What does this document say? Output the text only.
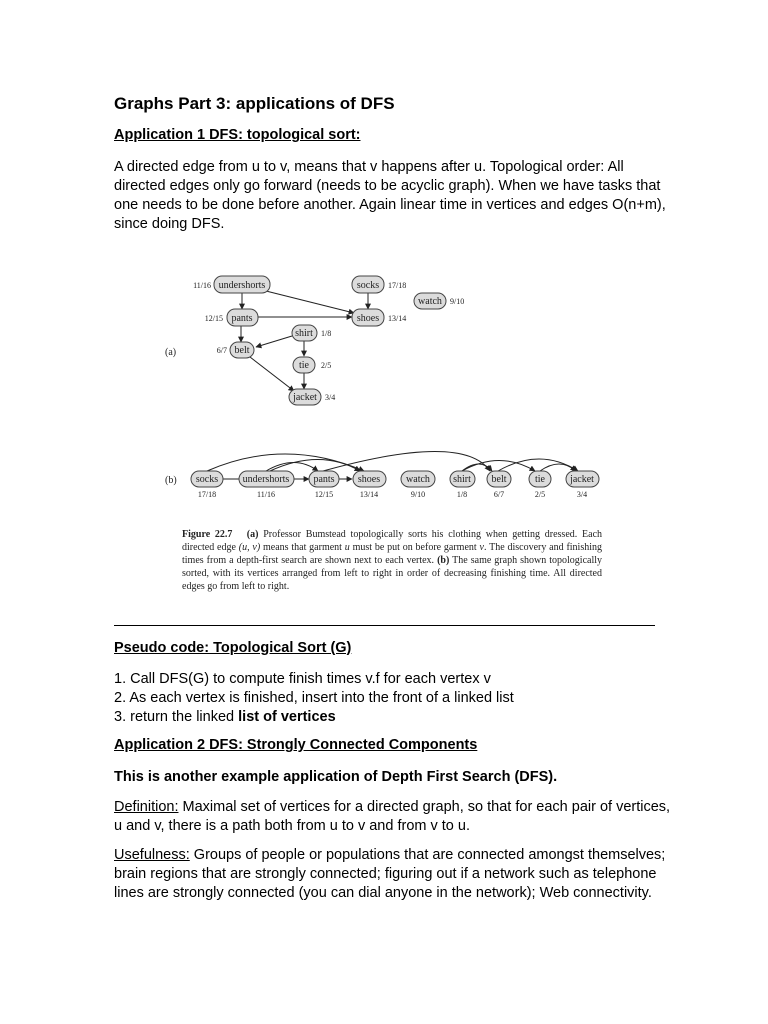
Graphs Part 3: applications of DFS
Application 1 DFS: topological sort:
A directed edge from u to v, means that v happens after u. Topological order: All directed edges only go forward (needs to be acyclic graph). When we have tasks that one needs to be done before another. Again linear time in vertices and edges O(n+m), since doing DFS.
(a)
undershorts
11/16	socks 17/18
watch 9/10
pants
12/15	shoes 13/14
shirt 1/8
belt
6/7
tie 2/5
jacket 3/4
(b) socks
17/18
undershorts
11/16
pants
12/15
shoes
13/14
watch
9/10
shirt
1/8
belt
6/7
tie
2/5
jacket
3/4
Figure 22.7 (a) Professor Bumstead topologically sorts his clothing when getting dressed. Each directed edge (u, v) means that garment u must be put on before garment v. The discovery and finishing times from a depth-first search are shown next to each vertex. (b) The same graph shown topologically sorted, with its vertices arranged from left to right in order of decreasing finishing time. All directed edges go from left to right.
Pseudo code: Topological Sort (G)
1. Call DFS(G) to compute finish times v.f for each vertex v
2. As each vertex is finished, insert into the front of a linked list
3. return the linked list of vertices
Application 2 DFS: Strongly Connected Components
This is another example application of Depth First Search (DFS).
Definition: Maximal set of vertices for a directed graph, so that for each pair of vertices, u and v, there is a path both from u to v and from v to u.
Usefulness: Groups of people or populations that are connected amongst themselves; brain regions that are strongly connected; figuring out if a network such as telephone lines are strongly connected (you can dial anyone in the network); Web connectivity.
